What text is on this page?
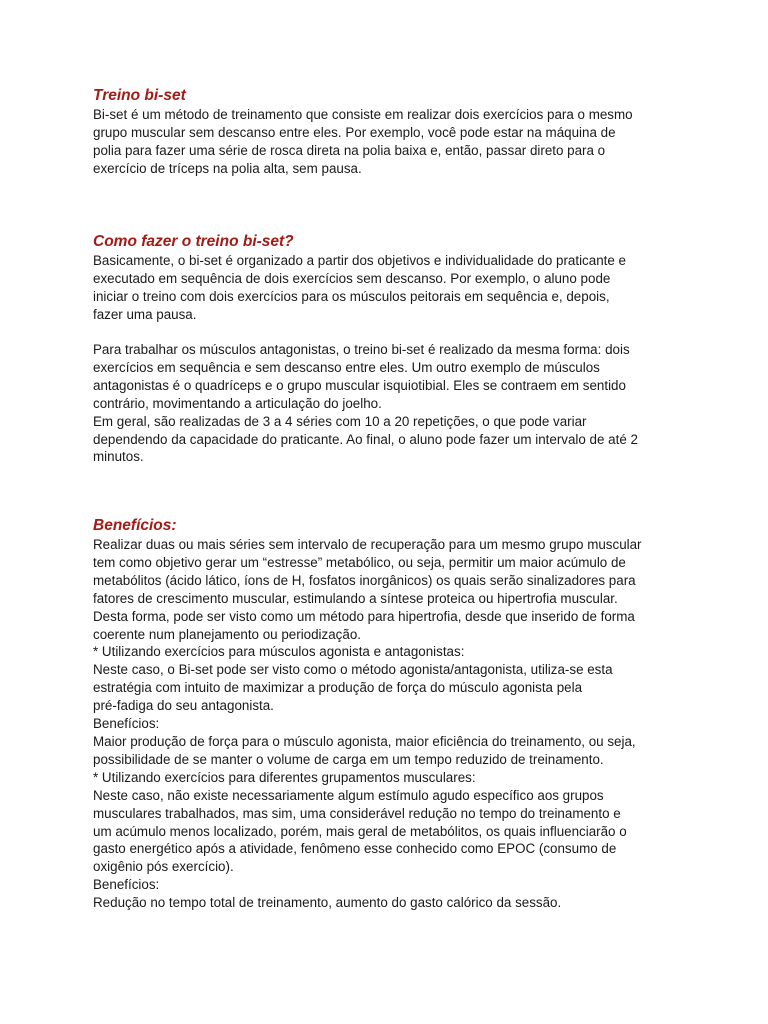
Treino bi-set

Bi-set é um método de treinamento que consiste em realizar dois exercícios para o mesmo

grupo muscular sem descanso entre eles. Por exemplo, você pode estar na máquina de

polia para fazer uma série de rosca direta na polia baixa e, então, passar direto para o

exercício de tríceps na polia alta, sem pausa.

Como fazer o treino bi-set?

Basicamente, o bi-set é organizado a partir dos objetivos e individualidade do praticante e

executado em sequência de dois exercícios sem descanso. Por exemplo, o aluno pode

iniciar o treino com dois exercícios para os músculos peitorais em sequência e, depois,

fazer uma pausa.

Para trabalhar os músculos antagonistas, o treino bi-set é realizado da mesma forma: dois

exercícios em sequência e sem descanso entre eles. Um outro exemplo de músculos

antagonistas é o quadríceps e o grupo muscular isquiotibial. Eles se contraem em sentido

contrário, movimentando a articulação do joelho.

Em geral, são realizadas de 3 a 4 séries com 10 a 20 repetições, o que pode variar

dependendo da capacidade do praticante. Ao final, o aluno pode fazer um intervalo de até 2

minutos.

Benefícios:

Realizar duas ou mais séries sem intervalo de recuperação para um mesmo grupo muscular

tem como objetivo gerar um “estresse” metabólico, ou seja, permitir um maior acúmulo de

metabólitos (ácido lático, íons de H, fosfatos inorgânicos) os quais serão sinalizadores para

fatores de crescimento muscular, estimulando a síntese proteica ou hipertrofia muscular.

Desta forma, pode ser visto como um método para hipertrofia, desde que inserido de forma

coerente num planejamento ou periodização.

* Utilizando exercícios para músculos agonista e antagonistas:

Neste caso, o Bi-set pode ser visto como o método agonista/antagonista, utiliza-se esta

estratégia com intuito de maximizar a produção de força do músculo agonista pela

pré-fadiga do seu antagonista.

Benefícios:

Maior produção de força para o músculo agonista, maior eficiência do treinamento, ou seja,

possibilidade de se manter o volume de carga em um tempo reduzido de treinamento.

* Utilizando exercícios para diferentes grupamentos musculares:

Neste caso, não existe necessariamente algum estímulo agudo específico aos grupos

musculares trabalhados, mas sim, uma considerável redução no tempo do treinamento e

um acúmulo menos localizado, porém, mais geral de metabólitos, os quais influenciarão o

gasto energético após a atividade, fenômeno esse conhecido como EPOC (consumo de

oxigênio pós exercício).

Benefícios:

Redução no tempo total de treinamento, aumento do gasto calórico da sessão.
